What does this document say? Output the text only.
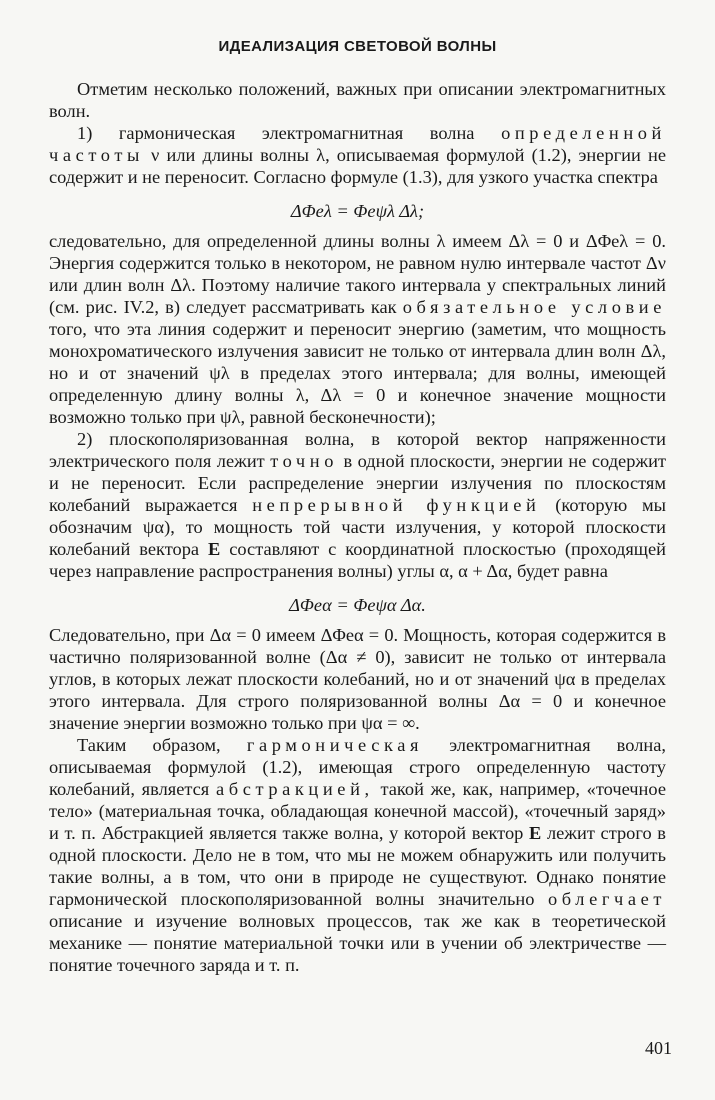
ИДЕАЛИЗАЦИЯ СВЕТОВОЙ ВОЛНЫ

Отметим несколько положений, важных при описании электромагнитных волн.

1) гармоническая электромагнитная волна определенной частоты ν или длины волны λ, описываемая формулой (1.2), энергии не содержит и не переносит. Согласно формуле (1.3), для узкого участка спектра

ΔΦeλ = Φeψλ Δλ;

следовательно, для определенной длины волны λ имеем Δλ = 0 и ΔΦeλ = 0. Энергия содержится только в некотором, не равном нулю интервале частот Δν или длин волн Δλ. Поэтому наличие такого интервала у спектральных линий (см. рис. IV.2, в) следует рассматривать как обязательное условие того, что эта линия содержит и переносит энергию (заметим, что мощность монохроматического излучения зависит не только от интервала длин волн Δλ, но и от значений ψλ в пределах этого интервала; для волны, имеющей определенную длину волны λ, Δλ = 0 и конечное значение мощности возможно только при ψλ, равной бесконечности);

2) плоскополяризованная волна, в которой вектор напряженности электрического поля лежит точно в одной плоскости, энергии не содержит и не переносит. Если распределение энергии излучения по плоскостям колебаний выражается непрерывной функцией (которую мы обозначим ψα), то мощность той части излучения, у которой плоскости колебаний вектора E составляют с координатной плоскостью (проходящей через направление распространения волны) углы α, α + Δα, будет равна

ΔΦeα = Φeψα Δα.

Следовательно, при Δα = 0 имеем ΔΦeα = 0. Мощность, которая содержится в частично поляризованной волне (Δα ≠ 0), зависит не только от интервала углов, в которых лежат плоскости колебаний, но и от значений ψα в пределах этого интервала. Для строго поляризованной волны Δα = 0 и конечное значение энергии возможно только при ψα = ∞.

Таким образом, гармоническая электромагнитная волна, описываемая формулой (1.2), имеющая строго определенную частоту колебаний, является абстракцией, такой же, как, например, «точечное тело» (материальная точка, обладающая конечной массой), «точечный заряд» и т. п. Абстракцией является также волна, у которой вектор E лежит строго в одной плоскости. Дело не в том, что мы не можем обнаружить или получить такие волны, а в том, что они в природе не существуют. Однако понятие гармонической плоскополяризованной волны значительно облегчает описание и изучение волновых процессов, так же как в теоретической механике — понятие материальной точки или в учении об электричестве — понятие точечного заряда и т. п.

401
